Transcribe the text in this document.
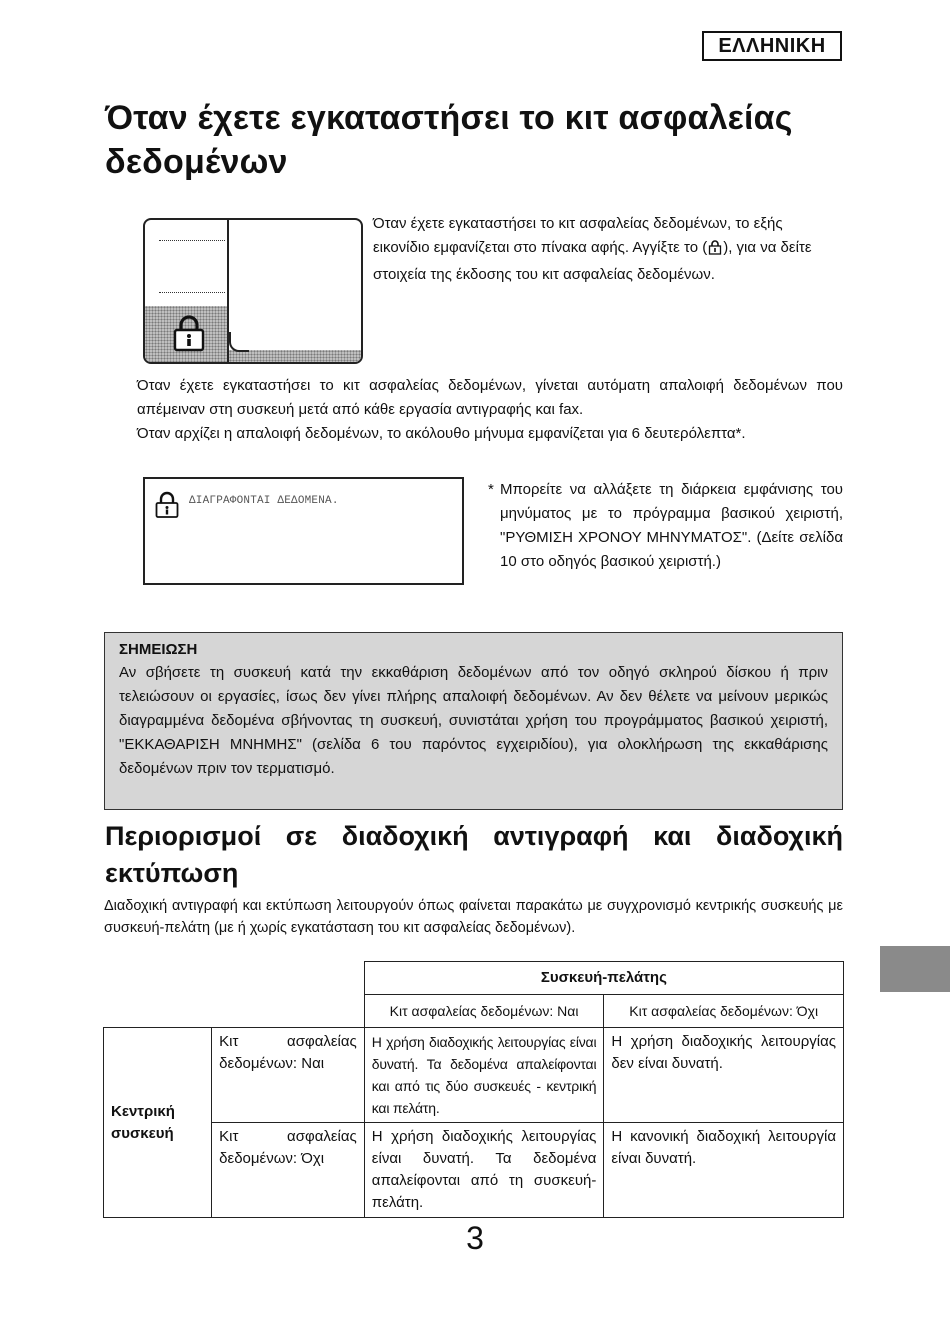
ΕΛΛΗΝΙΚΗ
Όταν έχετε εγκαταστήσει το κιτ ασφαλείας δεδομένων

Όταν έχετε εγκαταστήσει το κιτ ασφαλείας δεδομένων, το εξής εικονίδιο εμφανίζεται στο πίνακα αφής. Αγγίξτε το ( ), για να δείτε στοιχεία της έκδοσης του κιτ ασφαλείας δεδομένων.

Όταν έχετε εγκαταστήσει το κιτ ασφαλείας δεδομένων, γίνεται αυτόματη απαλοιφή δεδομένων που απέμειναν στη συσκευή μετά από κάθε εργασία αντιγραφής και fax.

Όταν αρχίζει η απαλοιφή δεδομένων, το ακόλουθο μήνυμα εμφανίζεται για 6 δευτερόλεπτα*.

ΔΙΑΓΡΑΦΟΝΤΑΙ ΔΕΔΟΜΕΝΑ.
* Μπορείτε να αλλάξετε τη διάρκεια εμφάνισης του μηνύματος με το πρόγραμμα βασικού χειριστή, "ΡΥΘΜΙΣΗ ΧΡΟΝΟΥ ΜΗΝΥΜΑΤΟΣ". (Δείτε σελίδα 10 στο οδηγός βασικού χειριστή.)

ΣΗΜΕΙΩΣΗ

Αν σβήσετε τη συσκευή κατά την εκκαθάριση δεδομένων από τον οδηγό σκληρού δίσκου ή πριν τελειώσουν οι εργασίες, ίσως δεν γίνει πλήρης απαλοιφή δεδομένων. Αν δεν θέλετε να μείνουν μερικώς διαγραμμένα δεδομένα σβήνοντας τη συσκευή, συνιστάται χρήση του προγράμματος βασικού χειριστή, "ΕΚΚΑΘΑΡΙΣΗ ΜΝΗΜΗΣ" (σελίδα 6 του παρόντος εγχειριδίου), για ολοκλήρωση της εκκαθάρισης δεδομένων πριν τον τερματισμό.

Περιορισμοί σε διαδοχική αντιγραφή και διαδοχική εκτύπωση

Διαδοχική αντιγραφή και εκτύπωση λειτουργούν όπως φαίνεται παρακάτω με συγχρονισμό κεντρικής συσκευής με συσκευή-πελάτη (με ή χωρίς εγκατάσταση του κιτ ασφαλείας δεδομένων).

		Συσκευή-πελάτης	
		Κιτ ασφαλείας δεδομένων: Ναι	Κιτ ασφαλείας δεδομένων: Όχι
Κεντρική συσκευή	Κιτ ασφαλείας δεδομένων: Ναι	Η χρήση διαδοχικής λειτουργίας είναι δυνατή. Τα δεδομένα απαλείφονται και από τις δύο συσκευές - κεντρική και πελάτη.	Η χρήση διαδοχικής λειτουργίας δεν είναι δυνατή.
	Κιτ ασφαλείας δεδομένων: Όχι	Η χρήση διαδοχικής λειτουργίας είναι δυνατή. Τα δεδομένα απαλείφονται από τη συσκευή-πελάτη.	Η κανονική διαδοχική λειτουργία είναι δυνατή.
3
